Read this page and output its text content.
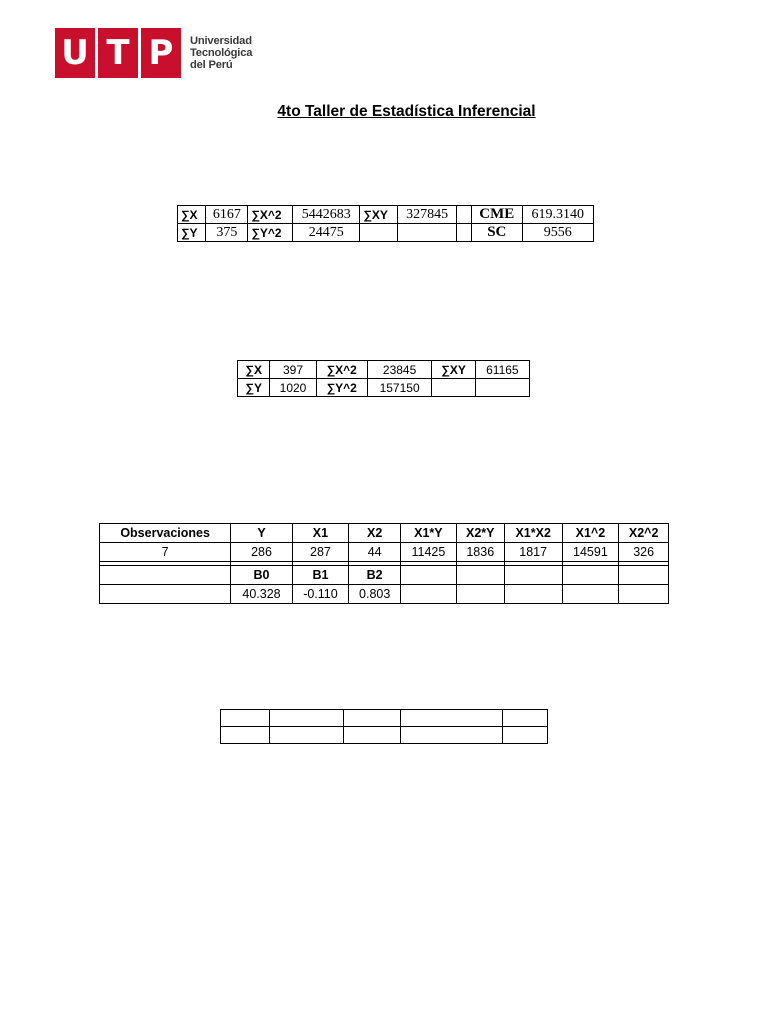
U T P	Universidad
Tecnológica
del Perú
4to Taller de Estadística Inferencial
∑X	6167	∑X^2	5442683	∑XY	327845		CME	619.3140
∑Y	375	∑Y^2	24475				SC	9556
∑X	397	∑X^2	23845	∑XY	61165
∑Y	1020	∑Y^2	157150		
Observaciones	Y	X1	X2	X1*Y	X2*Y	X1*X2	X1^2	X2^2
7	286	287	44	11425	1836	1817	14591	326

	B0	B1	B2					
	40.328	-0.110	0.803					
